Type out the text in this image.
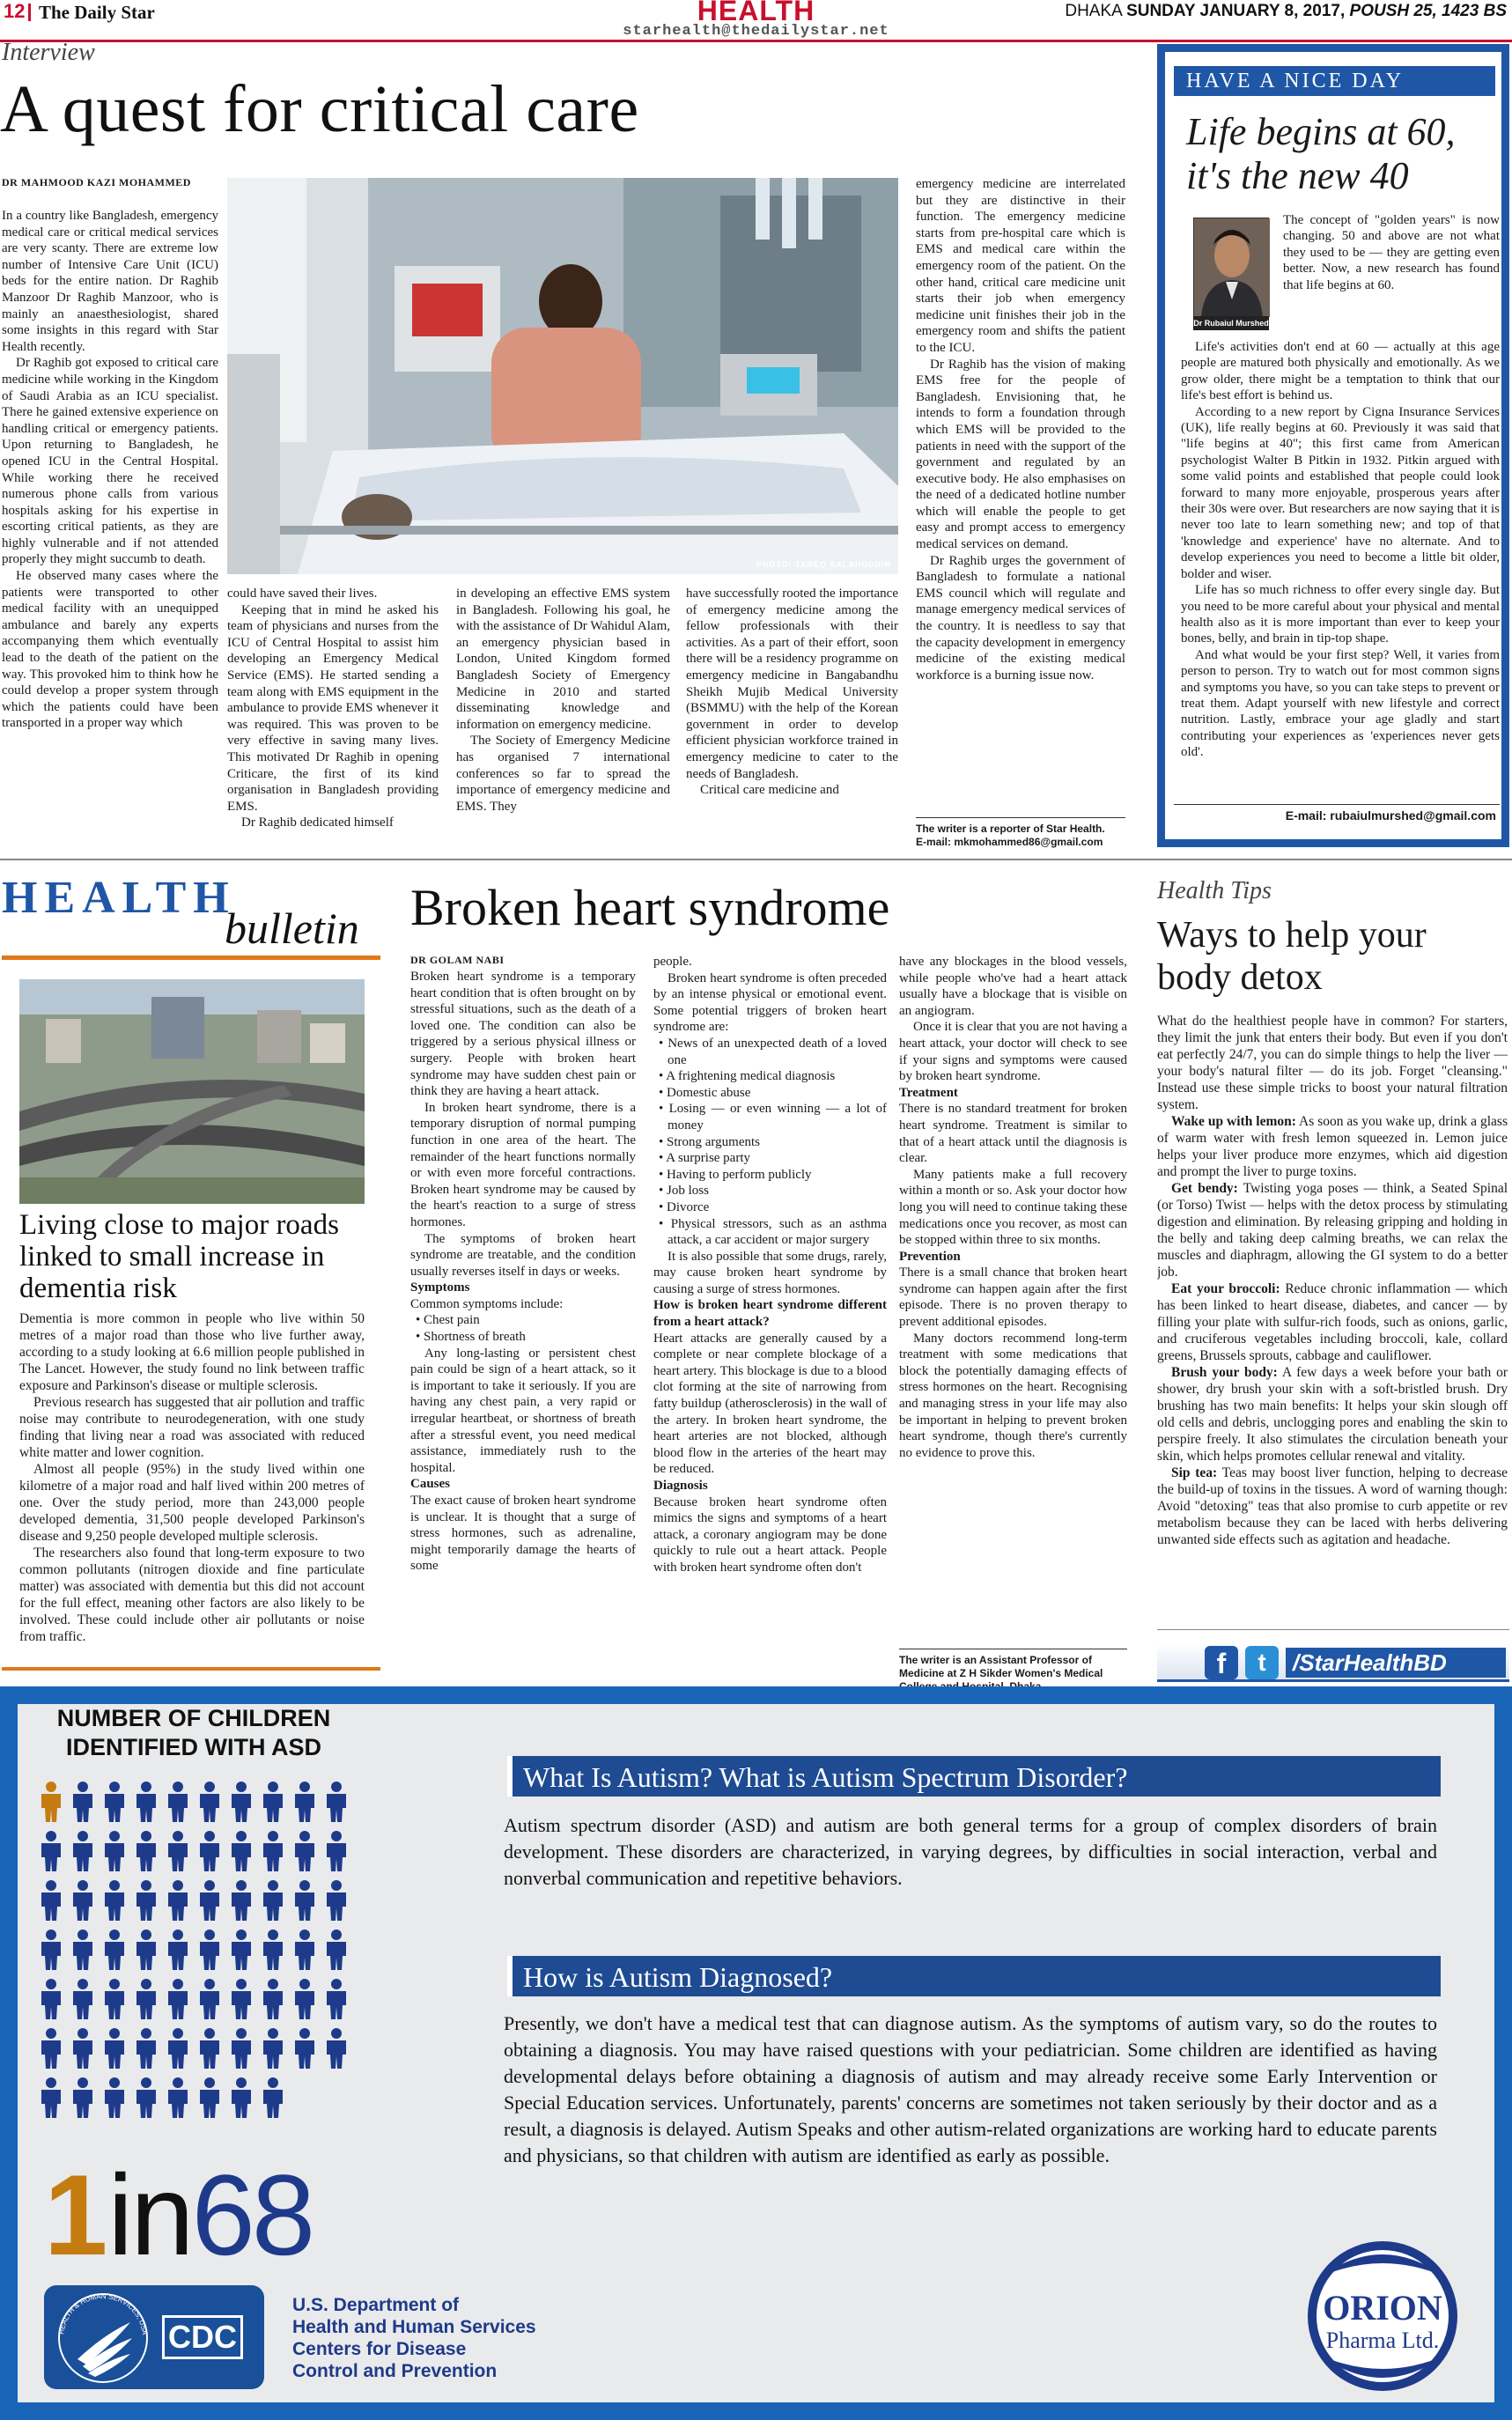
12 The Daily Star	HEALTH
starhealth@thedailystar.net
DHAKA SUNDAY JANUARY 8, 2017, POUSH 25, 1423 BS
Interview
A quest for critical care
DR MAHMOOD KAZI MOHAMMED

In a country like Bangladesh, emergency medical care or critical medical services are very scanty. There are extreme low number of Intensive Care Unit (ICU) beds for the entire nation. Dr Raghib Manzoor Dr Raghib Manzoor, who is mainly an anaesthesiologist, shared some insights in this regard with Star Health recently.

Dr Raghib got exposed to critical care medicine while working in the Kingdom of Saudi Arabia as an ICU specialist. There he gained extensive experience on handling critical or emergency patients. Upon returning to Bangladesh, he opened ICU in the Central Hospital. While working there he received numerous phone calls from various hospitals asking for his expertise in escorting critical patients, as they are highly vulnerable and if not attended properly they might succumb to death.

He observed many cases where the patients were transported to other medical facility with an unequipped ambulance and barely any experts accompanying them which eventually lead to the death of the patient on the way. This provoked him to think how he could develop a proper system through which the patients could have been transported in a proper way which

PHOTO: TAREQ SALAHUDDIN

could have saved their lives.

Keeping that in mind he asked his team of physicians and nurses from the ICU of Central Hospital to assist him developing an Emergency Medical Service (EMS). He started sending a team along with EMS equipment in the ambulance to provide EMS whenever it was required. This was proven to be very effective in saving many lives. This motivated Dr Raghib in opening Criticare, the first of its kind organisation in Bangladesh providing EMS.

Dr Raghib dedicated himself

in developing an effective EMS system in Bangladesh. Following his goal, he with the assistance of Dr Wahidul Alam, an emergency physician based in London, United Kingdom formed Bangladesh Society of Emergency Medicine in 2010 and started disseminating knowledge and information on emergency medicine.

The Society of Emergency Medicine has organised 7 international conferences so far to spread the importance of emergency medicine and EMS. They

have successfully rooted the importance of emergency medicine among the fellow professionals with their activities. As a part of their effort, soon there will be a residency programme on emergency medicine in Bangabandhu Sheikh Mujib Medical University (BSMMU) with the help of the Korean government in order to develop efficient physician workforce trained in emergency medicine to cater to the needs of Bangladesh.

Critical care medicine and

emergency medicine are interrelated but they are distinctive in their function. The emergency medicine starts from pre-hospital care which is EMS and medical care within the emergency room of the patient. On the other hand, critical care medicine unit starts their job when emergency medicine unit finishes their job in the emergency room and shifts the patient to the ICU.

Dr Raghib has the vision of making EMS free for the people of Bangladesh. Envisioning that, he intends to form a foundation through which EMS will be provided to the patients in need with the support of the government and regulated by an executive body. He also emphasises on the need of a dedicated hotline number which will enable the people to get easy and prompt access to emergency medical services on demand.

Dr Raghib urges the government of Bangladesh to formulate a national EMS council which will regulate and manage emergency medical services of the country. It is needless to say that the capacity development in emergency medicine of the existing medical workforce is a burning issue now.

The writer is a reporter of Star Health.
E-mail: mkmohammed86@gmail.com
HAVE A NICE DAY
Life begins at 60, it's the new 40
Dr Rubaiul Murshed

The concept of "golden years" is now changing. 50 and above are not what they used to be — they are getting even better. Now, a new research has found that life begins at 60.

Life's activities don't end at 60 — actually at this age people are matured both physically and emotionally. As we grow older, there might be a temptation to think that our life's best effort is behind us.

According to a new report by Cigna Insurance Services (UK), life really begins at 60. Previously it was said that "life begins at 40"; this first came from American psychologist Walter B Pitkin in 1932. Pitkin argued with some valid points and established that people could look forward to many more enjoyable, prosperous years after their 30s were over. But researchers are now saying that it is never too late to learn something new; and top of that 'knowledge and experience' have no alternate. And to develop experiences you need to become a little bit older, bolder and wiser.

Life has so much richness to offer every single day. But you need to be more careful about your physical and mental health also as it is more important than ever to keep your bones, belly, and brain in tip-top shape.

And what would be your first step? Well, it varies from person to person. Try to watch out for most common signs and symptoms you have, so you can take steps to prevent or treat them. Adapt yourself with new lifestyle and correct nutrition. Lastly, embrace your age gladly and start contributing your experiences as 'experiences never gets old'.

E-mail: rubaiulmurshed@gmail.com
HEALTH
bulletin
Living close to major roads linked to small increase in dementia risk

Dementia is more common in people who live within 50 metres of a major road than those who live further away, according to a study looking at 6.6 million people published in The Lancet. However, the study found no link between traffic exposure and Parkinson's disease or multiple sclerosis.

Previous research has suggested that air pollution and traffic noise may contribute to neurodegeneration, with one study finding that living near a road was associated with reduced white matter and lower cognition.

Almost all people (95%) in the study lived within one kilometre of a major road and half lived within 200 metres of one. Over the study period, more than 243,000 people developed dementia, 31,500 people developed Parkinson's disease and 9,250 people developed multiple sclerosis.

The researchers also found that long-term exposure to two common pollutants (nitrogen dioxide and fine particulate matter) was associated with dementia but this did not account for the full effect, meaning other factors are also likely to be involved. These could include other air pollutants or noise from traffic.

Broken heart syndrome
DR GOLAM NABI

Broken heart syndrome is a temporary heart condition that is often brought on by stressful situations, such as the death of a loved one. The condition can also be triggered by a serious physical illness or surgery. People with broken heart syndrome may have sudden chest pain or think they are having a heart attack.

In broken heart syndrome, there is a temporary disruption of normal pumping function in one area of the heart. The remainder of the heart functions normally or with even more forceful contractions. Broken heart syndrome may be caused by the heart's reaction to a surge of stress hormones.

The symptoms of broken heart syndrome are treatable, and the condition usually reverses itself in days or weeks.

Symptoms

Common symptoms include:

• Chest pain
• Shortness of breath

Any long-lasting or persistent chest pain could be sign of a heart attack, so it is important to take it seriously. If you are having any chest pain, a very rapid or irregular heartbeat, or shortness of breath after a stressful event, you need medical assistance, immediately rush to the hospital.

Causes

The exact cause of broken heart syndrome is unclear. It is thought that a surge of stress hormones, such as adrenaline, might temporarily damage the hearts of some

people.

Broken heart syndrome is often preceded by an intense physical or emotional event. Some potential triggers of broken heart syndrome are:

• News of an unexpected death of a loved one
• A frightening medical diagnosis
• Domestic abuse
• Losing — or even winning — a lot of money
• Strong arguments
• A surprise party
• Having to perform publicly
• Job loss
• Divorce
• Physical stressors, such as an asthma attack, a car accident or major surgery

It is also possible that some drugs, rarely, may cause broken heart syndrome by causing a surge of stress hormones.

How is broken heart syndrome different from a heart attack?

Heart attacks are generally caused by a complete or near complete blockage of a heart artery. This blockage is due to a blood clot forming at the site of narrowing from fatty buildup (atherosclerosis) in the wall of the artery. In broken heart syndrome, the heart arteries are not blocked, although blood flow in the arteries of the heart may be reduced.

Diagnosis

Because broken heart syndrome often mimics the signs and symptoms of a heart attack, a coronary angiogram may be done quickly to rule out a heart attack. People with broken heart syndrome often don't

have any blockages in the blood vessels, while people who've had a heart attack usually have a blockage that is visible on an angiogram.

Once it is clear that you are not having a heart attack, your doctor will check to see if your signs and symptoms were caused by broken heart syndrome.

Treatment

There is no standard treatment for broken heart syndrome. Treatment is similar to that of a heart attack until the diagnosis is clear.

Many patients make a full recovery within a month or so. Ask your doctor how long you will need to continue taking these medications once you recover, as most can be stopped within three to six months.

Prevention

There is a small chance that broken heart syndrome can happen again after the first episode. There is no proven therapy to prevent additional episodes.

Many doctors recommend long-term treatment with some medications that block the potentially damaging effects of stress hormones on the heart. Recognising and managing stress in your life may also be important in helping to prevent broken heart syndrome, though there's currently no evidence to prove this.

The writer is an Assistant Professor of Medicine at Z H Sikder Women's Medical
Health Tips
Ways to help your body detox

What do the healthiest people have in common? For starters, they limit the junk that enters their body. But even if you don't eat perfectly 24/7, you can do simple things to help the liver — your body's natural filter — do its job. Forget "cleansing." Instead use these simple tricks to boost your natural filtration system.

Wake up with lemon: As soon as you wake up, drink a glass of warm water with fresh lemon squeezed in. Lemon juice helps your liver produce more enzymes, which aid digestion and prompt the liver to purge toxins.

Get bendy: Twisting yoga poses — think, a Seated Spinal (or Torso) Twist — helps with the detox process by stimulating digestion and elimination. By releasing gripping and holding in the belly and taking deep calming breaths, we can relax the muscles and diaphragm, allowing the GI system to do a better job.

Eat your broccoli: Reduce chronic inflammation — which has been linked to heart disease, diabetes, and cancer — by filling your plate with sulfur-rich foods, such as onions, garlic, and cruciferous vegetables including broccoli, kale, collard greens, Brussels sprouts, cabbage and cauliflower.

Brush your body: A few days a week before your bath or shower, dry brush your skin with a soft-bristled brush. Dry brushing has two main benefits: It helps your skin slough off old cells and debris, unclogging pores and enabling the skin to perspire freely. It also stimulates the circulation beneath your skin, which helps promotes cellular renewal and vitality.

Sip tea: Teas may boost liver function, helping to decrease the build-up of toxins in the tissues. A word of warning though: Avoid "detoxing" teas that also promise to curb appetite or rev metabolism because they can be laced with herbs delivering unwanted side effects such as agitation and headache.

f	t	/StarHealthBD
NUMBER OF CHILDREN IDENTIFIED WITH ASD
1in68
What Is Autism? What is Autism Spectrum Disorder?
Autism spectrum disorder (ASD) and autism are both general terms for a group of complex disorders of brain development. These disorders are characterized, in varying degrees, by difficulties in social interaction, verbal and nonverbal communication and repetitive behaviors.
How is Autism Diagnosed?
Presently, we don't have a medical test that can diagnose autism. As the symptoms of autism vary, so do the routes to obtaining a diagnosis. You may have raised questions with your pediatrician. Some children are identified as having developmental delays before obtaining a diagnosis of autism and may already receive some Early Intervention or Special Education services. Unfortunately, parents' concerns are sometimes not taken seriously by their doctor and as a result, a diagnosis is delayed. Autism Speaks and other autism-related organizations are working hard to educate parents and physicians, so that children with autism are identified as early as possible.
HEALTH & HUMAN SERVICES, USA CDC
U.S. Department of
Health and Human Services
Centers for Disease
Control and Prevention
ORION
Pharma Ltd.
